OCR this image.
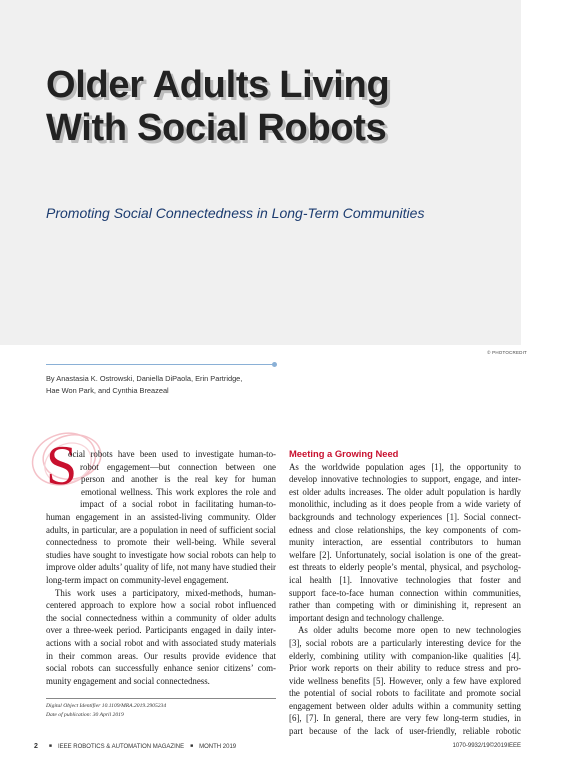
Older Adults Living
With Social Robots
Promoting Social Connectedness in Long-Term Communities
© PHOTOCREDIT
By Anastasia K. Ostrowski, Daniella DiPaola, Erin Partridge,
Hae Won Park, and Cynthia Breazeal
S
ocial robots have been used to investigate human-to-
robot engagement—but connection between one
person and another is the real key for human
emotional wellness. This work explores the role and
impact of a social robot in facilitating human-to-
human engagement in an assisted-living community. Older
adults, in particular, are a population in need of sufficient social
connectedness to promote their well-being. While several
studies have sought to investigate how social robots can help to
improve older adults’ quality of life, not many have studied their
long-term impact on community-level engagement.
This work uses a participatory, mixed-methods, human-
centered approach to explore how a social robot influenced
the social connectedness within a community of older adults
over a three-week period. Participants engaged in daily inter-
actions with a social robot and with associated study materials
in their common areas. Our results provide evidence that
social robots can successfully enhance senior citizens’ com-
munity engagement and social connectedness.
Meeting a Growing Need
As the worldwide population ages [1], the opportunity to
develop innovative technologies to support, engage, and inter-
est older adults increases. The older adult population is hardly
monolithic, including as it does people from a wide variety of
backgrounds and technology experiences [1]. Social connect-
edness and close relationships, the key components of com-
munity interaction, are essential contributors to human
welfare [2]. Unfortunately, social isolation is one of the great-
est threats to elderly people’s mental, physical, and psycholog-
ical health [1]. Innovative technologies that foster and
support face-to-face human connection within communities,
rather than competing with or diminishing it, represent an
important design and technology challenge.
As older adults become more open to new technologies
[3], social robots are a particularly interesting device for the
elderly, combining utility with companion-like qualities [4].
Prior work reports on their ability to reduce stress and pro-
vide wellness benefits [5]. However, only a few have explored
the potential of social robots to facilitate and promote social
engagement between older adults within a community setting
[6], [7]. In general, there are very few long-term studies, in
part because of the lack of user-friendly, reliable robotic
Digital Object Identifier 10.1109/MRA.2019.2905234
Date of publication: 30 April 2019
2 ■ IEEE ROBOTICS & AUTOMATION MAGAZINE ■ MONTH 2019	1070-9932/19©2019IEEE
